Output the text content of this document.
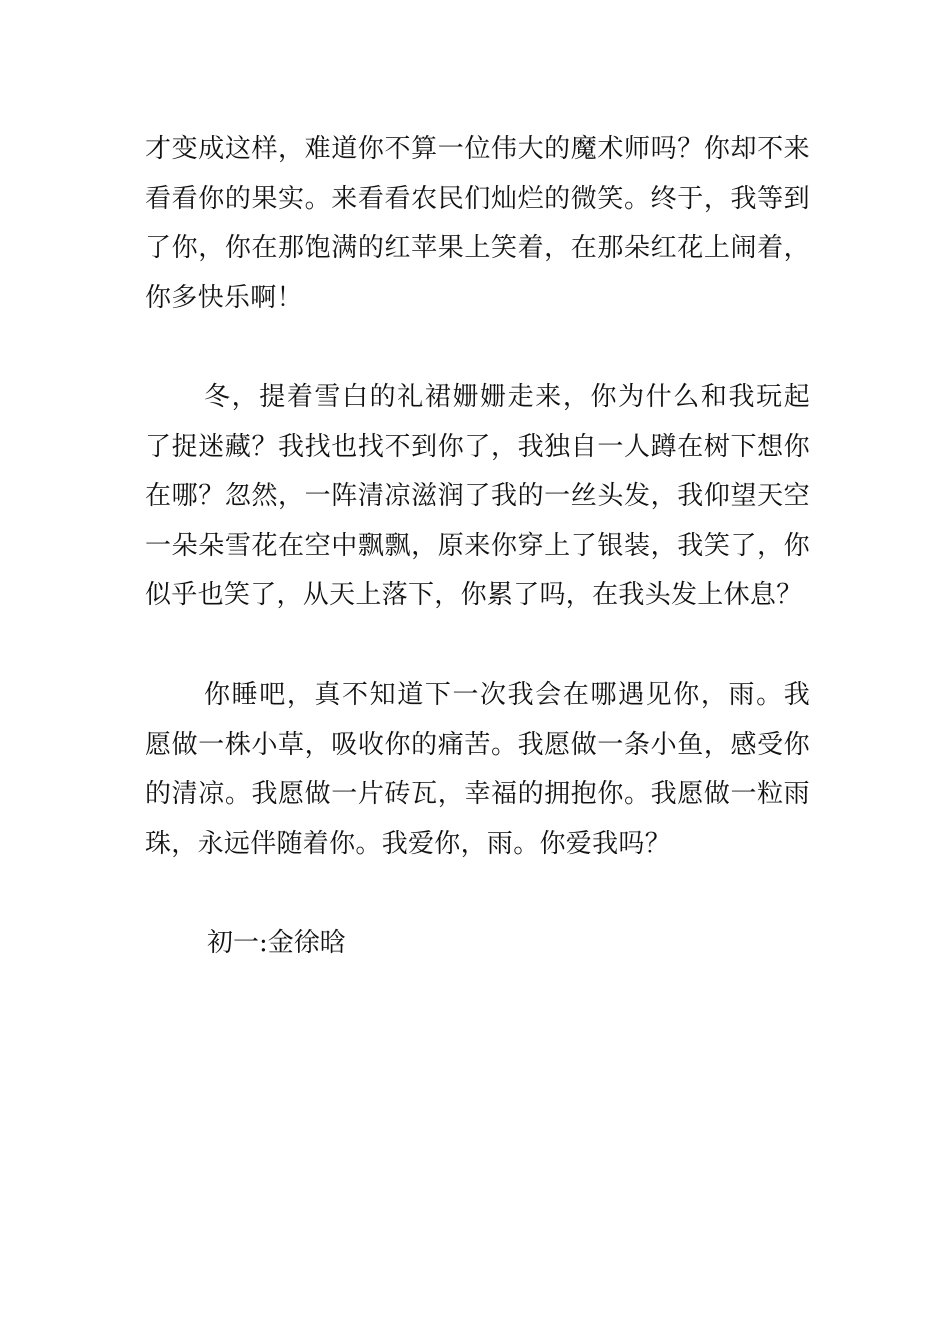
才变成这样，难道你不算一位伟大的魔术师吗？你却不来
看看你的果实。来看看农民们灿烂的微笑。终于，我等到
了你，你在那饱满的红苹果上笑着，在那朵红花上闹着，
你多快乐啊！
冬，提着雪白的礼裙姗姗走来，你为什么和我玩起
了捉迷藏？我找也找不到你了，我独自一人蹲在树下想你
在哪？忽然，一阵清凉滋润了我的一丝头发，我仰望天空
一朵朵雪花在空中飘飘，原来你穿上了银装，我笑了，你
似乎也笑了，从天上落下，你累了吗，在我头发上休息？
你睡吧，真不知道下一次我会在哪遇见你，雨。我
愿做一株小草，吸收你的痛苦。我愿做一条小鱼，感受你
的清凉。我愿做一片砖瓦，幸福的拥抱你。我愿做一粒雨
珠，永远伴随着你。我爱你，雨。你爱我吗？
初一:金徐晗
